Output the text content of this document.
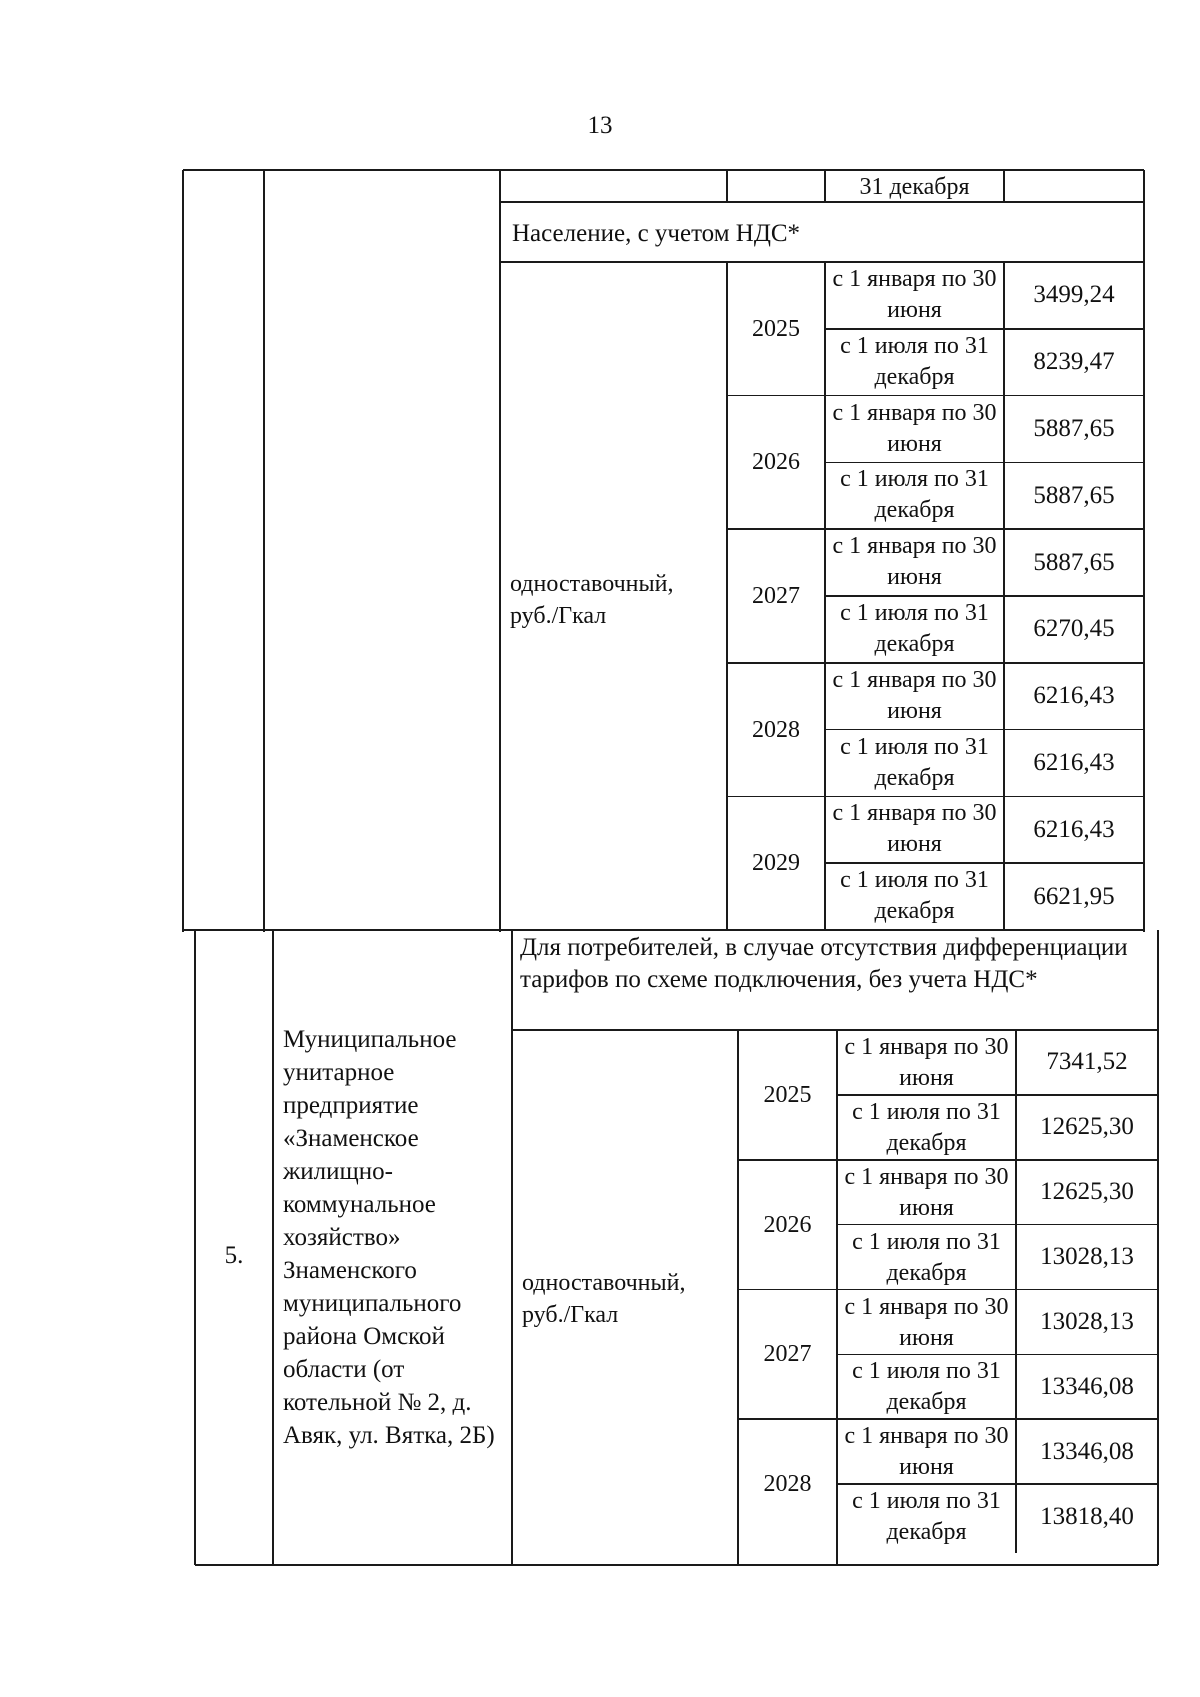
13
31 декабря
Население, с учетом НДС*
одноставочный, руб./Гкал
2025
с 1 января по 30 июня
3499,24
с 1 июля по 31 декабря
8239,47
2026
с 1 января по 30 июня
5887,65
с 1 июля по 31 декабря
5887,65
2027
с 1 января по 30 июня
5887,65
с 1 июля по 31 декабря
6270,45
2028
с 1 января по 30 июня
6216,43
с 1 июля по 31 декабря
6216,43
2029
с 1 января по 30 июня
6216,43
с 1 июля по 31 декабря
6621,95
5.
Муниципальное унитарное предприятие «Знаменское жилищно-коммунальное хозяйство» Знаменского муниципального района Омской области (от котельной № 2, д. Авяк, ул. Вятка, 2Б)
Для потребителей, в случае отсутствия дифференциации тарифов по схеме подключения, без учета НДС*
одноставочный, руб./Гкал
2025
с 1 января по 30 июня
7341,52
с 1 июля по 31 декабря
12625,30
2026
с 1 января по 30 июня
12625,30
с 1 июля по 31 декабря
13028,13
2027
с 1 января по 30 июня
13028,13
с 1 июля по 31 декабря
13346,08
2028
с 1 января по 30 июня
13346,08
с 1 июля по 31 декабря
13818,40
